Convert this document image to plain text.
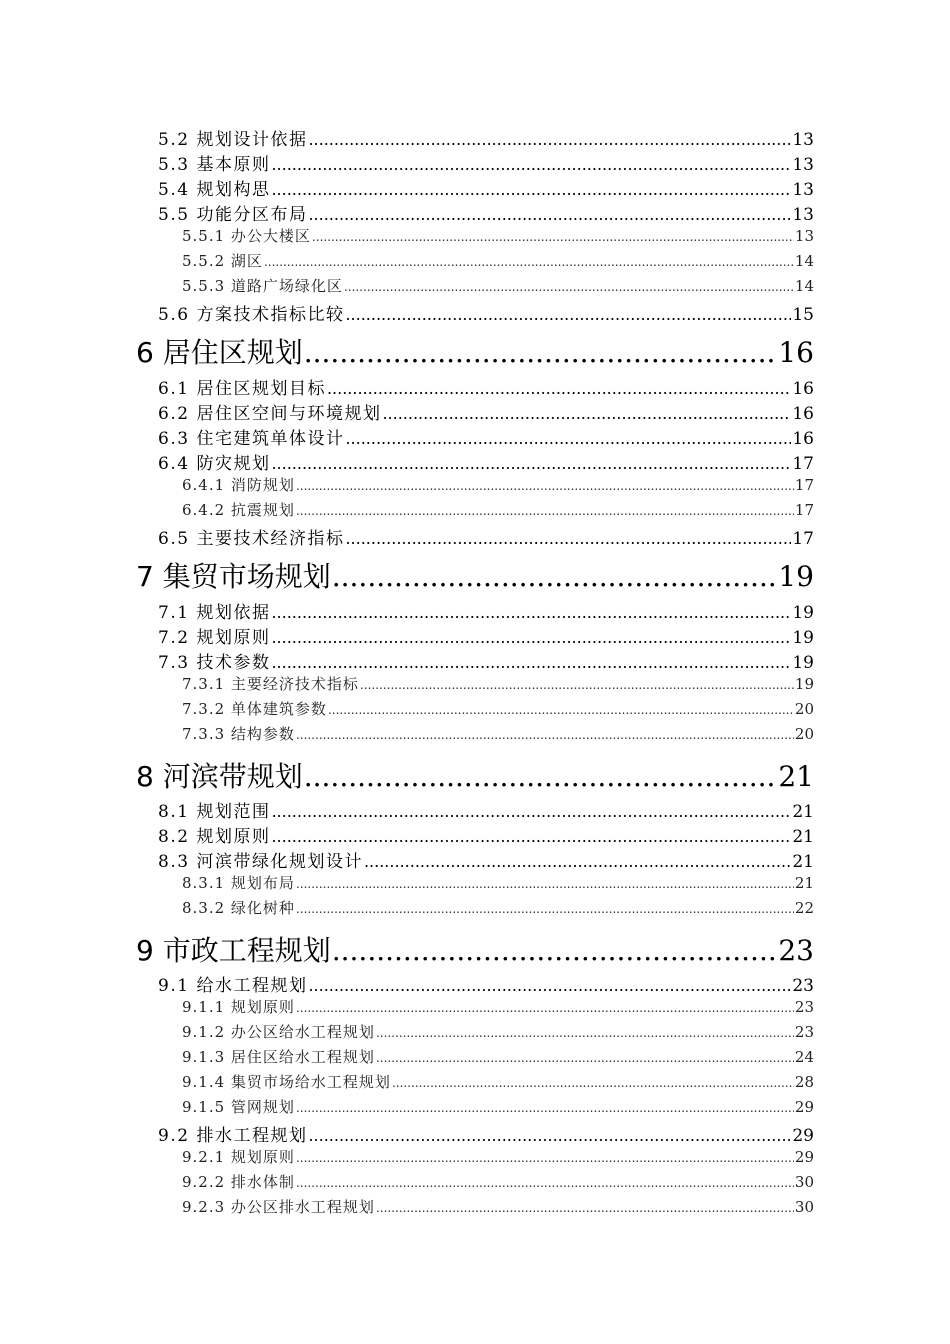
5.2 规划设计依据 .....	13
5.3 基本原则 .....	13
5.4 规划构思 .....	13
5.5 功能分区布局 .....	13
5.5.1 办公大楼区 .....	13
5.5.2 湖区 .....	14
5.5.3 道路广场绿化区 .....	14
5.6 方案技术指标比较 .....	15
6 居住区规划 .....	16
6.1 居住区规划目标 .....	16
6.2 居住区空间与环境规划 .....	16
6.3 住宅建筑单体设计 .....	16
6.4 防灾规划 .....	17
6.4.1 消防规划 .....	17
6.4.2 抗震规划 .....	17
6.5 主要技术经济指标 .....	17
7 集贸市场规划 .....	19
7.1 规划依据 .....	19
7.2 规划原则 .....	19
7.3 技术参数 .....	19
7.3.1 主要经济技术指标 .....	19
7.3.2 单体建筑参数 .....	20
7.3.3 结构参数 .....	20
8 河滨带规划 .....	21
8.1 规划范围 .....	21
8.2 规划原则 .....	21
8.3 河滨带绿化规划设计 .....	21
8.3.1 规划布局 .....	21
8.3.2 绿化树种 .....	22
9 市政工程规划 .....	23
9.1 给水工程规划 .....	23
9.1.1 规划原则 .....	23
9.1.2 办公区给水工程规划 .....	23
9.1.3 居住区给水工程规划 .....	24
9.1.4 集贸市场给水工程规划 .....	28
9.1.5 管网规划 .....	29
9.2 排水工程规划 .....	29
9.2.1 规划原则 .....	29
9.2.2 排水体制 .....	30
9.2.3 办公区排水工程规划 .....	30
